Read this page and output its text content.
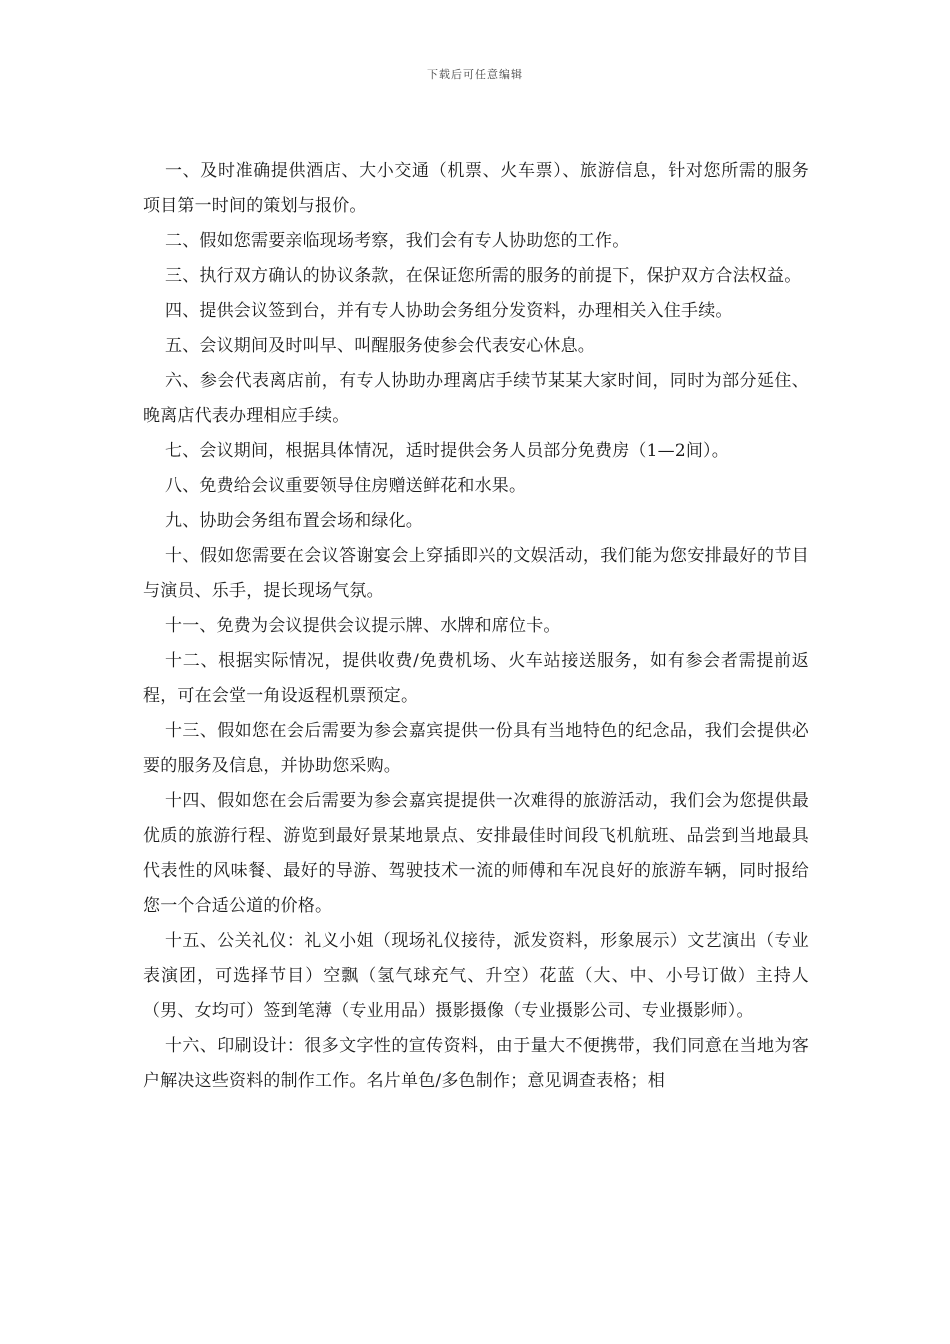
下载后可任意编辑

一、及时准确提供酒店、大小交通（机票、火车票）、旅游信息，针对您所需的服务项目第一时间的策划与报价。

二、假如您需要亲临现场考察，我们会有专人协助您的工作。

三、执行双方确认的协议条款，在保证您所需的服务的前提下，保护双方合法权益。

四、提供会议签到台，并有专人协助会务组分发资料，办理相关入住手续。

五、会议期间及时叫早、叫醒服务使参会代表安心休息。

六、参会代表离店前，有专人协助办理离店手续节某某大家时间，同时为部分延住、晚离店代表办理相应手续。

七、会议期间，根据具体情况，适时提供会务人员部分免费房（1—2间）。

八、免费给会议重要领导住房赠送鲜花和水果。

九、协助会务组布置会场和绿化。

十、假如您需要在会议答谢宴会上穿插即兴的文娱活动，我们能为您安排最好的节目与演员、乐手，提长现场气氛。

十一、免费为会议提供会议提示牌、水牌和席位卡。

十二、根据实际情况，提供收费/免费机场、火车站接送服务，如有参会者需提前返程，可在会堂一角设返程机票预定。

十三、假如您在会后需要为参会嘉宾提供一份具有当地特色的纪念品，我们会提供必要的服务及信息，并协助您采购。

十四、假如您在会后需要为参会嘉宾提提供一次难得的旅游活动，我们会为您提供最优质的旅游行程、游览到最好景某地景点、安排最佳时间段飞机航班、品尝到当地最具代表性的风味餐、最好的导游、驾驶技术一流的师傅和车况良好的旅游车辆，同时报给您一个合适公道的价格。

十五、公关礼仪：礼义小姐（现场礼仪接待，派发资料，形象展示）文艺演出（专业表演团，可选择节目）空飘（氢气球充气、升空）花蓝（大、中、小号订做）主持人（男、女均可）签到笔薄（专业用品）摄影摄像（专业摄影公司、专业摄影师）。

十六、印刷设计：很多文字性的宣传资料，由于量大不便携带，我们同意在当地为客户解决这些资料的制作工作。名片单色/多色制作；意见调查表格；相
